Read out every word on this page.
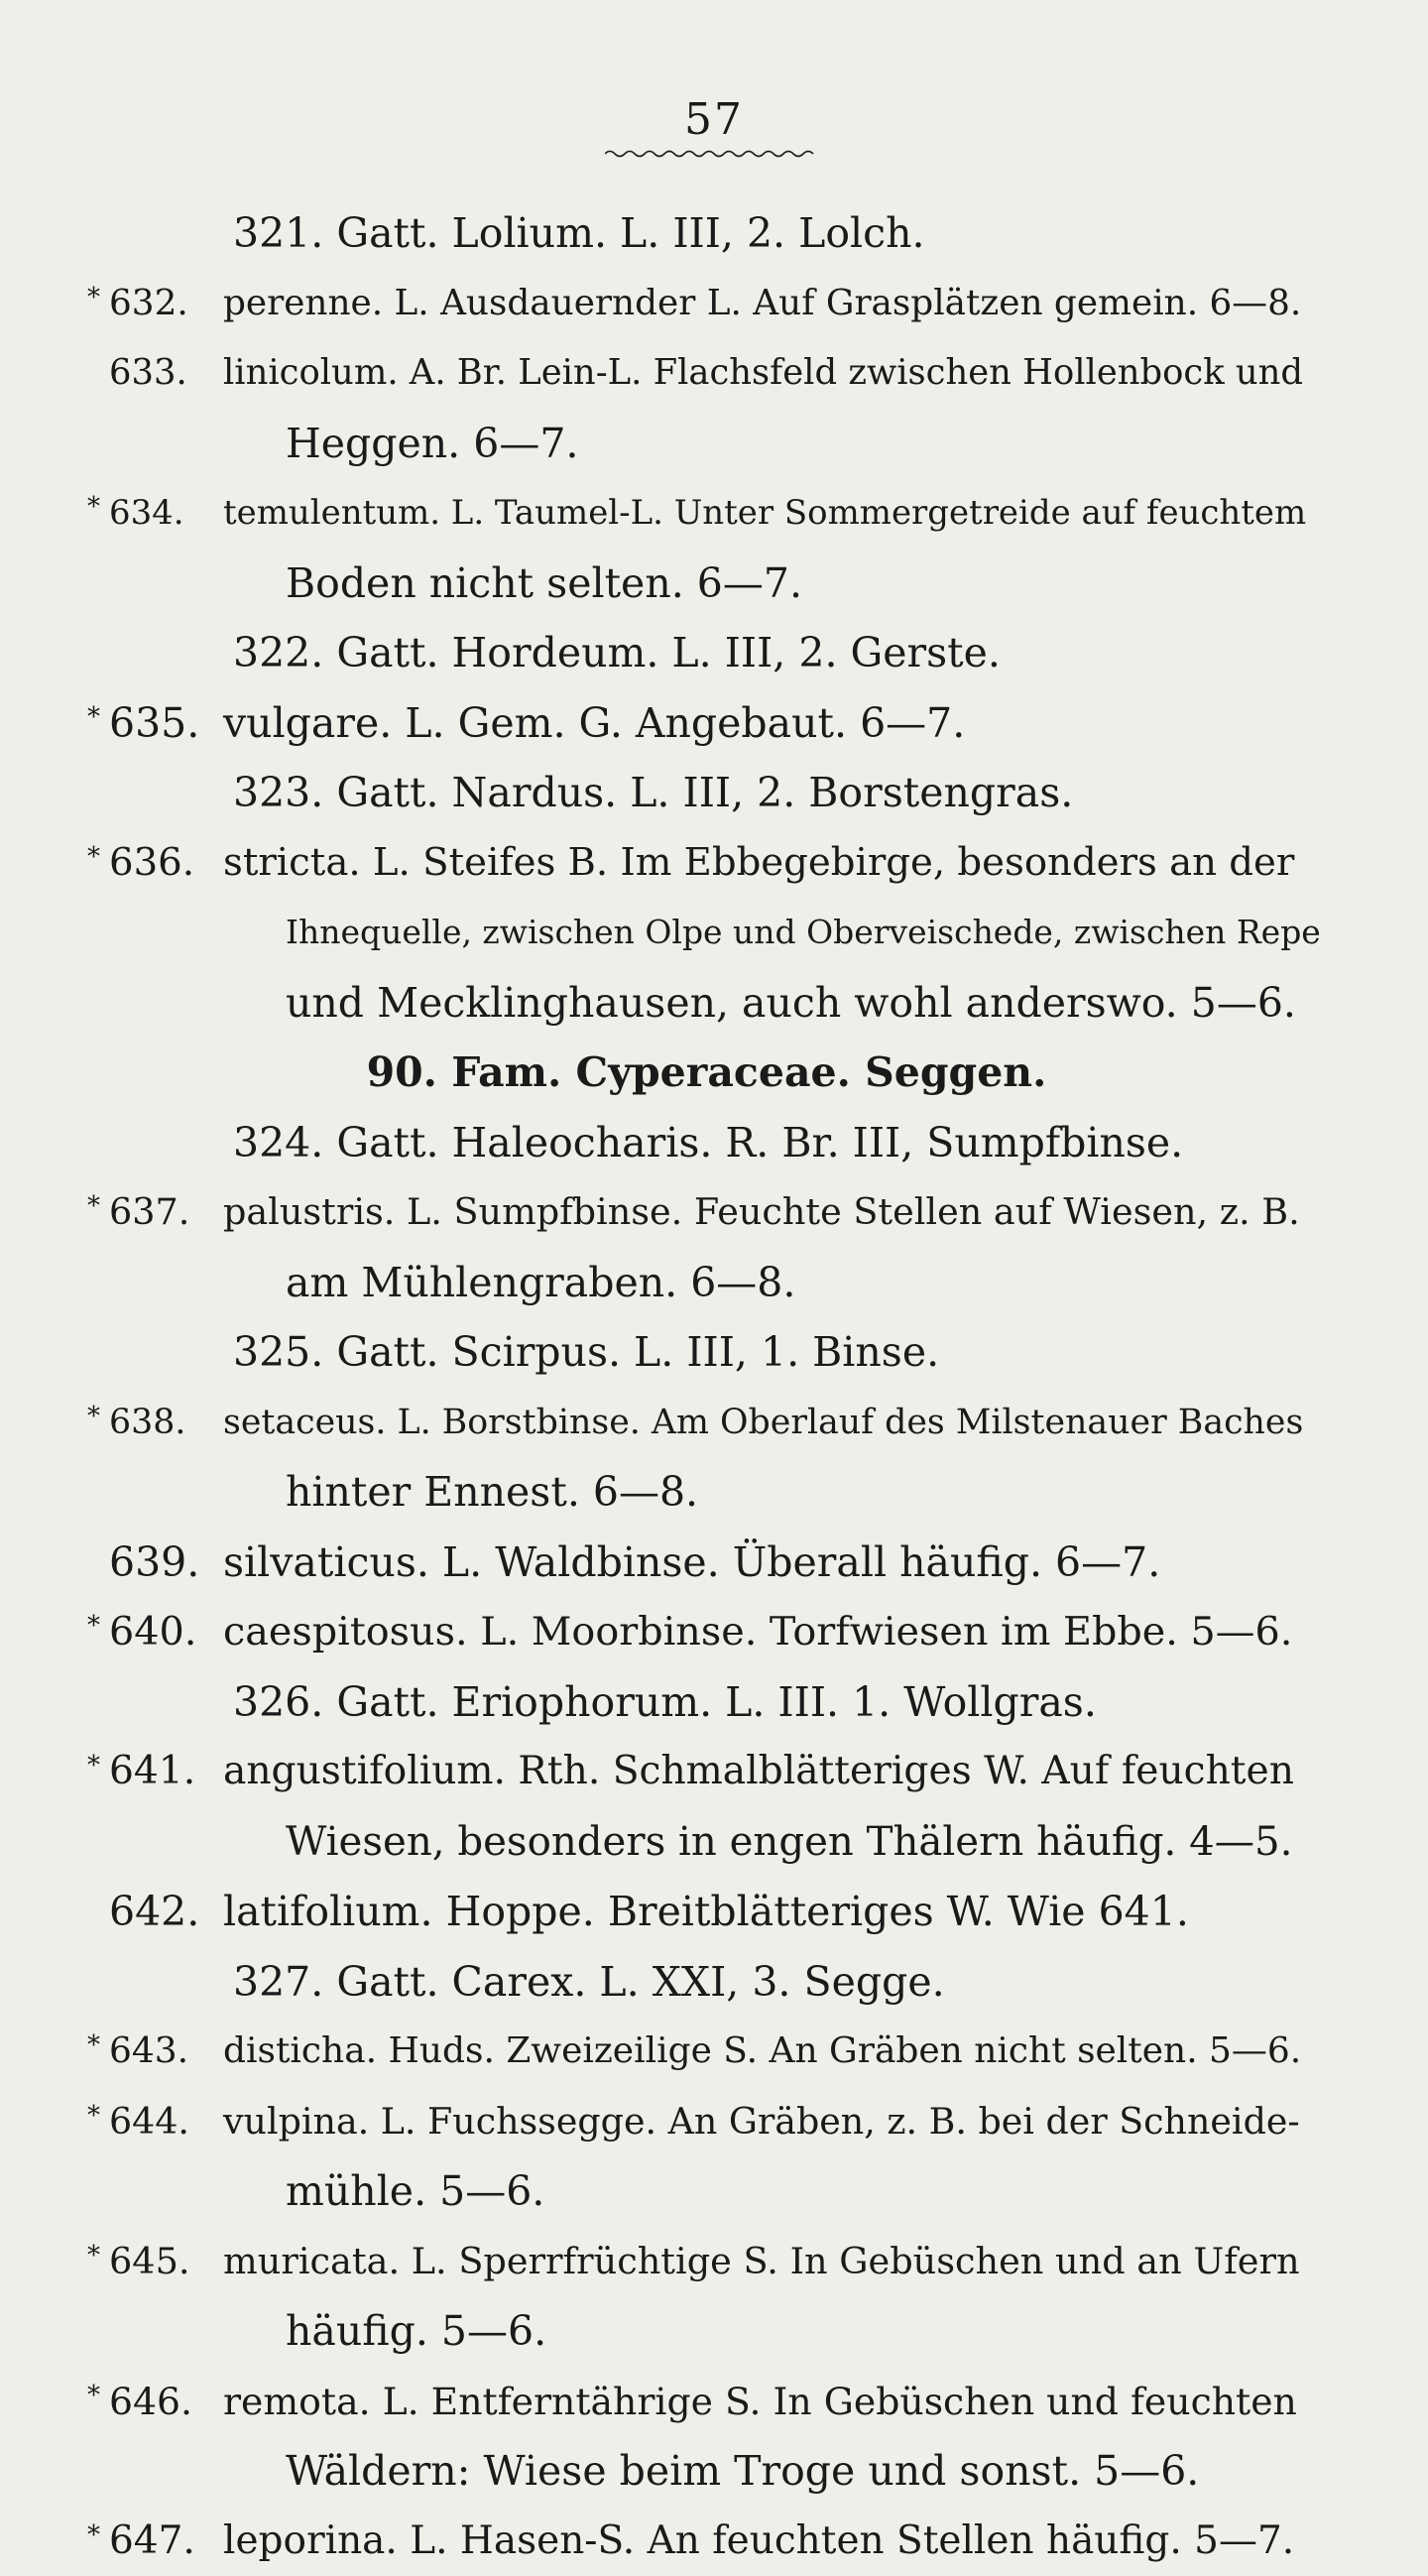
57
321. Gatt. Lolium. L. III, 2. Lolch.
* 632. perenne. L. Ausdauernder L. Auf Grasplätzen gemein. 6—8.
633. linicolum. A. Br. Lein-L. Flachsfeld zwischen Hollenbock und
Heggen. 6—7.
* 634. temulentum. L. Taumel-L. Unter Sommergetreide auf feuchtem
Boden nicht selten. 6—7.
322. Gatt. Hordeum. L. III, 2. Gerste.
* 635. vulgare. L. Gem. G. Angebaut. 6—7.
323. Gatt. Nardus. L. III, 2. Borstengras.
* 636. stricta. L. Steifes B. Im Ebbegebirge, besonders an der
Ihnequelle, zwischen Olpe und Oberveischede, zwischen Repe
und Mecklinghausen, auch wohl anderswo. 5—6.
90. Fam. Cyperaceae. Seggen.
324. Gatt. Haleocharis. R. Br. III, Sumpfbinse.
* 637. palustris. L. Sumpfbinse. Feuchte Stellen auf Wiesen, z. B.
am Mühlengraben. 6—8.
325. Gatt. Scirpus. L. III, 1. Binse.
* 638. setaceus. L. Borstbinse. Am Oberlauf des Milstenauer Baches
hinter Ennest. 6—8.
639. silvaticus. L. Waldbinse. Überall häufig. 6—7.
* 640. caespitosus. L. Moorbinse. Torfwiesen im Ebbe. 5—6.
326. Gatt. Eriophorum. L. III. 1. Wollgras.
* 641. angustifolium. Rth. Schmalblätteriges W. Auf feuchten
Wiesen, besonders in engen Thälern häufig. 4—5.
642. latifolium. Hoppe. Breitblätteriges W. Wie 641.
327. Gatt. Carex. L. XXI, 3. Segge.
* 643. disticha. Huds. Zweizeilige S. An Gräben nicht selten. 5—6.
* 644. vulpina. L. Fuchssegge. An Gräben, z. B. bei der Schneide-
mühle. 5—6.
* 645. muricata. L. Sperrfrüchtige S. In Gebüschen und an Ufern
häufig. 5—6.
* 646. remota. L. Entferntährige S. In Gebüschen und feuchten
Wäldern: Wiese beim Troge und sonst. 5—6.
* 647. leporina. L. Hasen-S. An feuchten Stellen häufig. 5—7.
